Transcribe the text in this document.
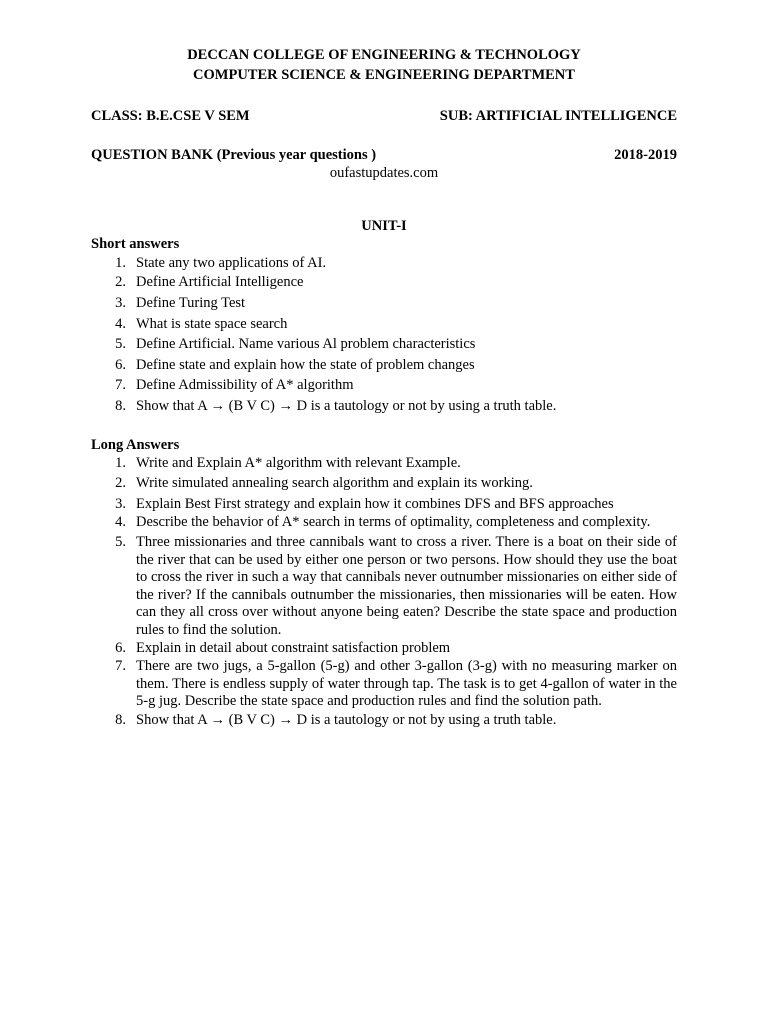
DECCAN COLLEGE OF ENGINEERING & TECHNOLOGY
COMPUTER SCIENCE & ENGINEERING DEPARTMENT
CLASS: B.E.CSE V SEM	SUB: ARTIFICIAL INTELLIGENCE
QUESTION BANK (Previous year questions )	2018-2019
oufastupdates.com
UNIT-I
Short answers
1. State any two applications of AI.
2. Define Artificial Intelligence
3. Define Turing Test
4. What is state space search
5. Define Artificial. Name various Al problem characteristics
6. Define state and explain how the state of problem changes
7. Define Admissibility of A* algorithm
8. Show that A → (B V C) → D is a tautology or not by using a truth table.
Long Answers
1. Write and Explain A* algorithm with relevant Example.
2. Write simulated annealing search algorithm and explain its working.
3. Explain Best First strategy and explain how it combines DFS and BFS approaches
4. Describe the behavior of A* search in terms of optimality, completeness and complexity.
5. Three missionaries and three cannibals want to cross a river. There is a boat on their side of the river that can be used by either one person or two persons. How should they use the boat to cross the river in such a way that cannibals never outnumber missionaries on either side of the river? If the cannibals outnumber the missionaries, then missionaries will be eaten. How can they all cross over without anyone being eaten? Describe the state space and production rules to find the solution.
6. Explain in detail about constraint satisfaction problem
7. There are two jugs, a 5-gallon (5-g) and other 3-gallon (3-g) with no measuring marker on them. There is endless supply of water through tap. The task is to get 4-gallon of water in the 5-g jug. Describe the state space and production rules and find the solution path.
8. Show that A → (B V C) → D is a tautology or not by using a truth table.
